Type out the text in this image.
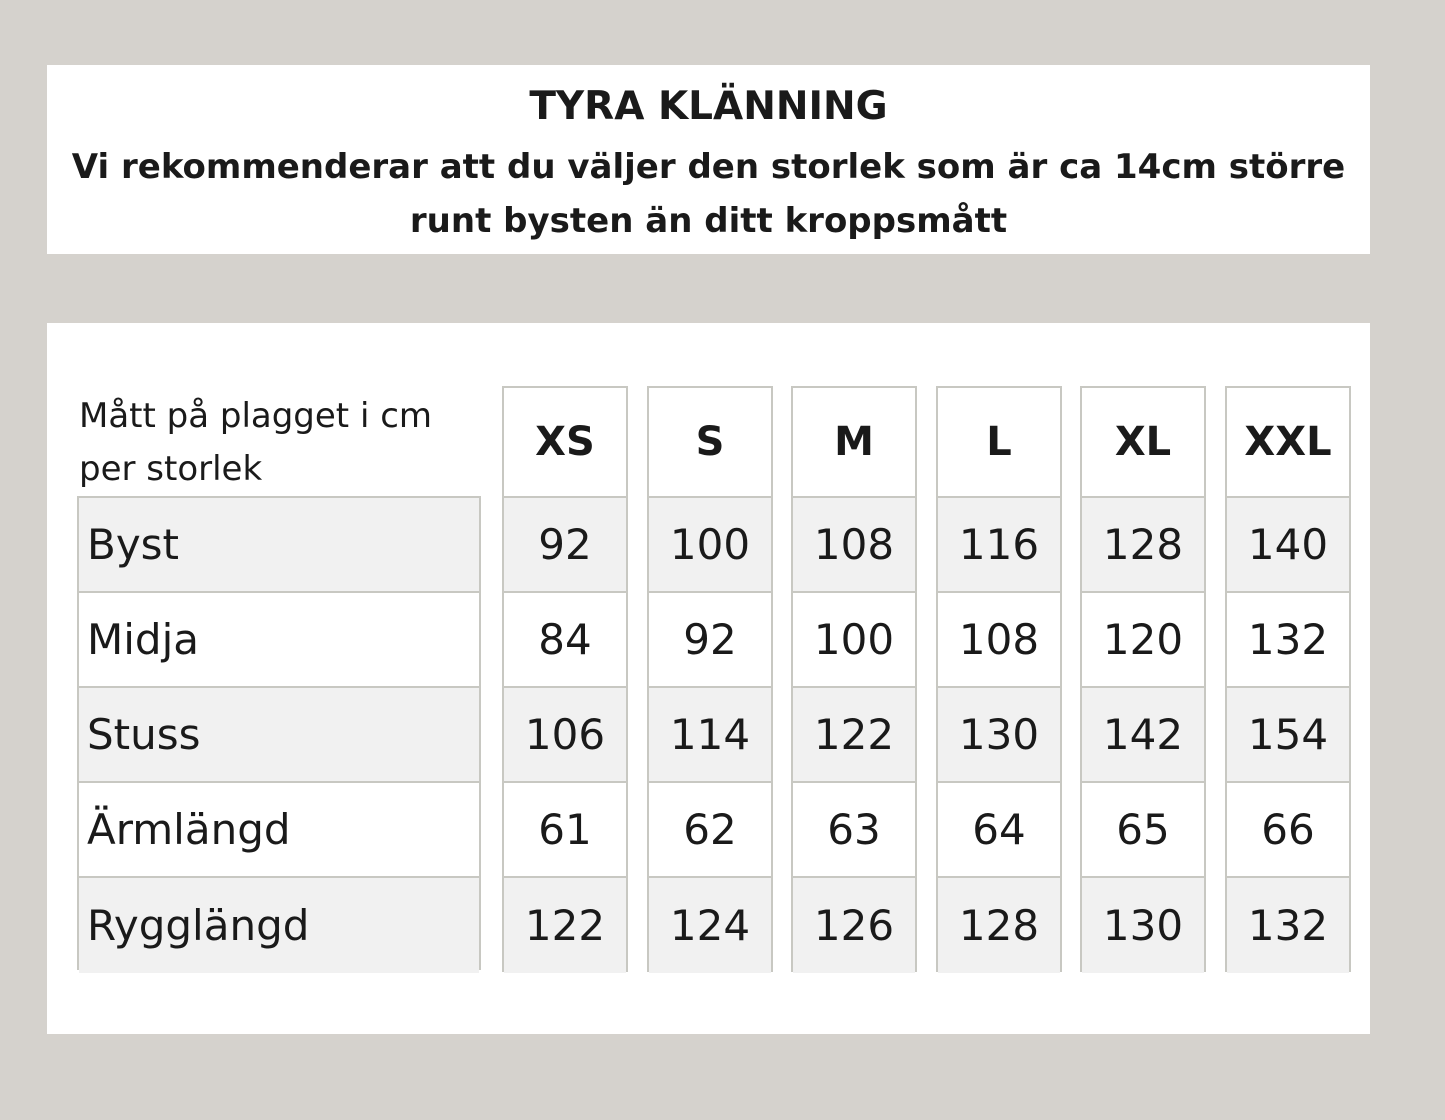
TYRA KLÄNNING
Vi rekommenderar att du väljer den storlek som är ca 14cm större
runt bysten än ditt kroppsmått
Mått på plagget i cm
per storlek
Byst
Midja
Stuss
Ärmlängd
Rygglängd
XS
92
84
106
61
122
S
100
92
114
62
124
M
108
100
122
63
126
L
116
108
130
64
128
XL
128
120
142
65
130
XXL
140
132
154
66
132
